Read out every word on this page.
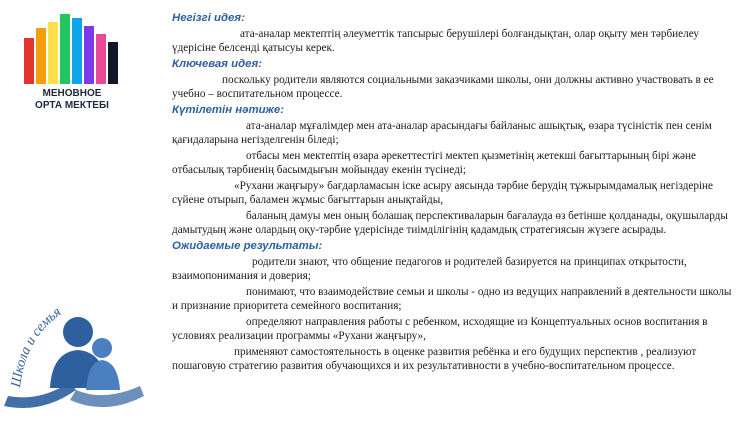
МЕНОВНОЕ
ОРТА МЕКТЕБІ
Школа и семья

Негізгі идея:

ата-аналар мектептің әлеуметтік тапсырыс берушілері болғандықтан, олар оқыту мен тәрбиелеу үдерісіне белсенді қатысуы керек.

Ключевая идея:

поскольку родители являются социальными заказчиками школы, они должны активно участвовать в ее учебно – воспитательном процессе.

Күтілетін нәтиже:

ата-аналар мұғалімдер мен ата-аналар арасындағы байланыс ашықтық, өзара түсіністік пен сенім қағидаларына негізделгенін біледі;

отбасы мен мектептің өзара әрекеттестігі мектеп қызметінің жетекші бағыттарының бірі және отбасылық тәрбиенің басымдығын мойындау екенін түсінеді;

«Рухани жаңғыру» бағдарламасын іске асыру аясында тәрбие берудің тұжырымдамалық негіздеріне сүйене отырып, баламен жұмыс бағыттарын анықтайды,

баланың дамуы мен оның болашақ перспективаларын бағалауда өз бетінше қолданады, оқушыларды дамытудың және олардың оқу-тәрбие үдерісінде тиімділігінің қадамдық стратегиясын жүзеге асырады.

Ожидаемые результаты:

родители знают, что общение педагогов и родителей базируется на принципах открытости, взаимопонимания и доверия;

понимают, что взаимодействие семьи и школы - одно из ведущих направлений в деятельности школы и признание приоритета семейного воспитания;

определяют направления работы с ребенком, исходящие из Концептуальных основ воспитания в условиях реализации программы «Рухани жаңғыру»,

применяют самостоятельность в оценке развития ребёнка и его будущих перспектив , реализуют пошаговую стратегию развития обучающихся и их результативности в учебно-воспитательном процессе.
